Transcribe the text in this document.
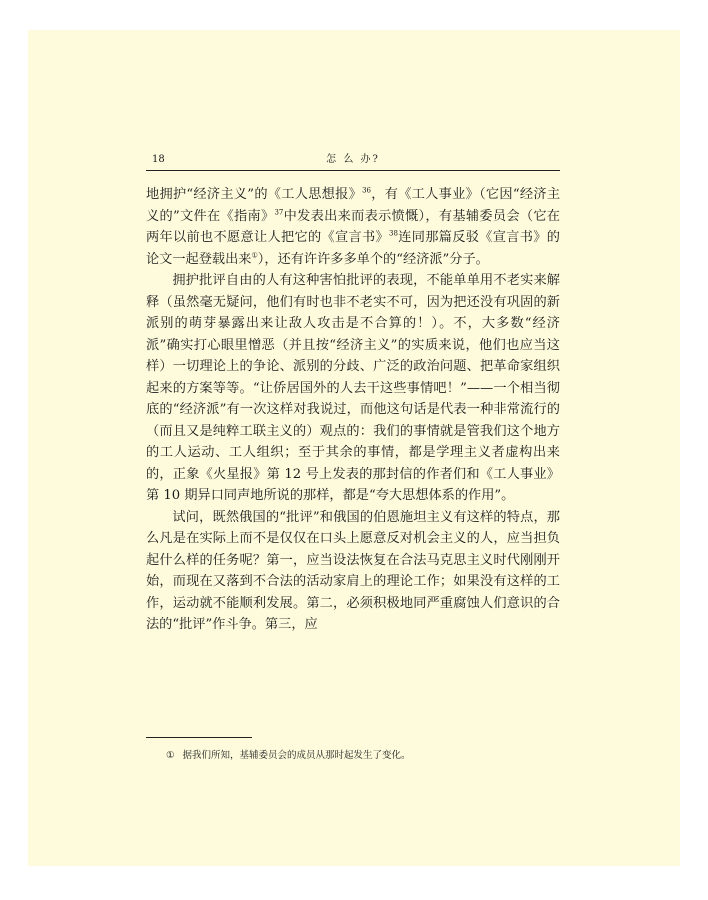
18	怎 么 办?

地拥护“经济主义”的《工人思想报》$^{36}$，有《工人事业》（它因“经济主义的”文件在《指南》$^{37}$中发表出来而表示愤慨），有基辅委员会（它在两年以前也不愿意让人把它的《宣言书》$^{38}$连同那篇反驳《宣言书》的论文一起登载出来①），还有许许多多单个的“经济派”分子。

拥护批评自由的人有这种害怕批评的表现，不能单单用不老实来解释（虽然毫无疑问，他们有时也非不老实不可，因为把还没有巩固的新派别的萌芽暴露出来让敌人攻击是不合算的！）。不，大多数“经济派”确实打心眼里憎恶（并且按“经济主义”的实质来说，他们也应当这样）一切理论上的争论、派别的分歧、广泛的政治问题、把革命家组织起来的方案等等。“让侨居国外的人去干这些事情吧！”——一个相当彻底的“经济派”有一次这样对我说过，而他这句话是代表一种非常流行的（而且又是纯粹工联主义的）观点的：我们的事情就是管我们这个地方的工人运动、工人组织；至于其余的事情，都是学理主义者虚构出来的，正象《火星报》第 12 号上发表的那封信的作者们和《工人事业》第 10 期异口同声地所说的那样，都是“夸大思想体系的作用”。

试问，既然俄国的“批评”和俄国的伯恩施坦主义有这样的特点，那么凡是在实际上而不是仅仅在口头上愿意反对机会主义的人，应当担负起什么样的任务呢？第一，应当设法恢复在合法马克思主义时代刚刚开始，而现在又落到不合法的活动家肩上的理论工作；如果没有这样的工作，运动就不能顺利发展。第二，必须积极地同严重腐蚀人们意识的合法的“批评”作斗争。第三，应

① 据我们所知，基辅委员会的成员从那时起发生了变化。
